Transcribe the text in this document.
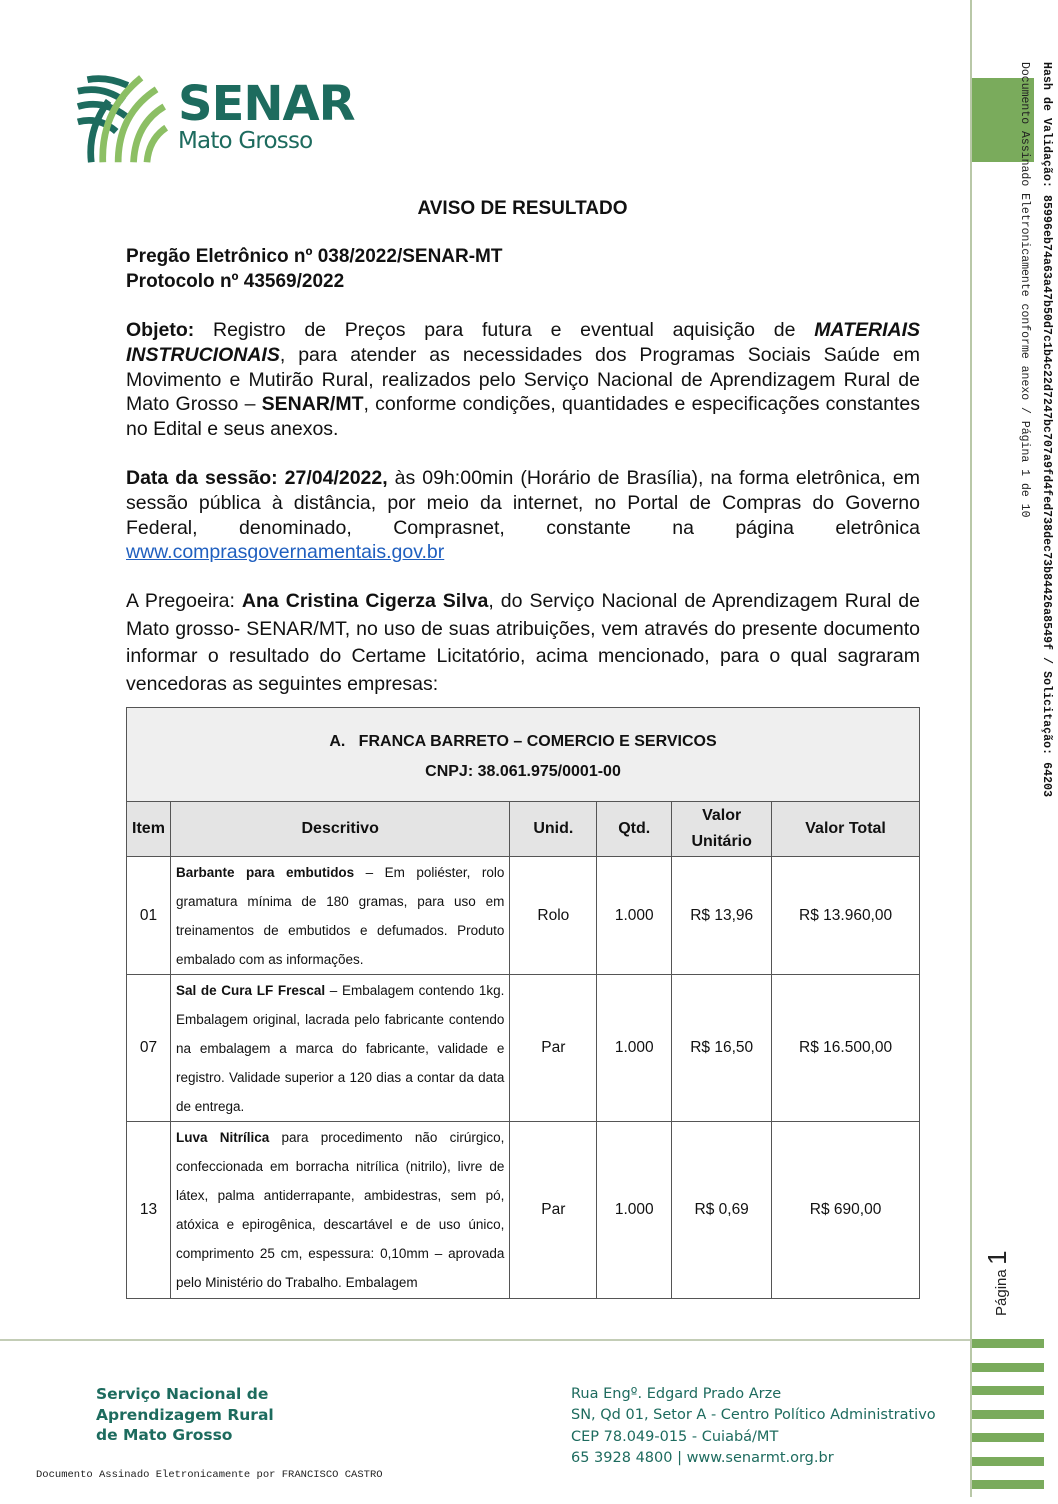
Hash de Validação: 85996eb74a63a47b50d7c1b4c22d7247bc707a9fd4fed738dec73b84426a8549f / Solicitação: 64203
Documento Assinado Eletronicamente conforme anexo / Página 1 de 10
Página 1
SENAR
Mato Grosso
AVISO DE RESULTADO
Pregão Eletrônico nº 038/2022/SENAR-MT
Protocolo nº 43569/2022
Objeto: Registro de Preços para futura e eventual aquisição de MATERIAIS INSTRUCIONAIS, para atender as necessidades dos Programas Sociais Saúde em Movimento e Mutirão Rural, realizados pelo Serviço Nacional de Aprendizagem Rural de Mato Grosso – SENAR/MT, conforme condições, quantidades e especificações constantes no Edital e seus anexos.
Data da sessão: 27/04/2022, às 09h:00min (Horário de Brasília), na forma eletrônica, em sessão pública à distância, por meio da internet, no Portal de Compras do Governo Federal, denominado, Comprasnet, constante na página eletrônica www.comprasgovernamentais.gov.br
A Pregoeira: Ana Cristina Cigerza Silva, do Serviço Nacional de Aprendizagem Rural de Mato grosso- SENAR/MT, no uso de suas atribuições, vem através do presente documento informar o resultado do Certame Licitatório, acima mencionado, para o qual sagraram vencedoras as seguintes empresas:
A.   FRANCA BARRETO – COMERCIO E SERVICOS
CNPJ: 38.061.975/0001-00					

Item	Descritivo	Unid.	Qtd.	Valor Unitário	Valor Total
01	Barbante para embutidos – Em poliéster, rolo gramatura mínima de 180 gramas, para uso em treinamentos de embutidos e defumados. Produto embalado com as informações.	Rolo	1.000	R$ 13,96	R$ 13.960,00
07	Sal de Cura LF Frescal – Embalagem contendo 1kg. Embalagem original, lacrada pelo fabricante contendo na embalagem a marca do fabricante, validade e registro. Validade superior a 120 dias a contar da data de entrega.	Par	1.000	R$ 16,50	R$ 16.500,00
13	Luva Nitrílica para procedimento não cirúrgico, confeccionada em borracha nitrílica (nitrilo), livre de látex, palma antiderrapante, ambidestras, sem pó, atóxica e epirogênica, descartável e de uso único, comprimento 25 cm, espessura: 0,10mm – aprovada pelo Ministério do Trabalho. Embalagem	Par	1.000	R$ 0,69	R$ 690,00
Serviço Nacional de
Aprendizagem Rural
de Mato Grosso
Rua Engº. Edgard Prado Arze
SN, Qd 01, Setor A - Centro Político Administrativo
CEP 78.049-015 - Cuiabá/MT
65 3928 4800 | www.senarmt.org.br
Documento Assinado Eletronicamente por FRANCISCO CASTRO
